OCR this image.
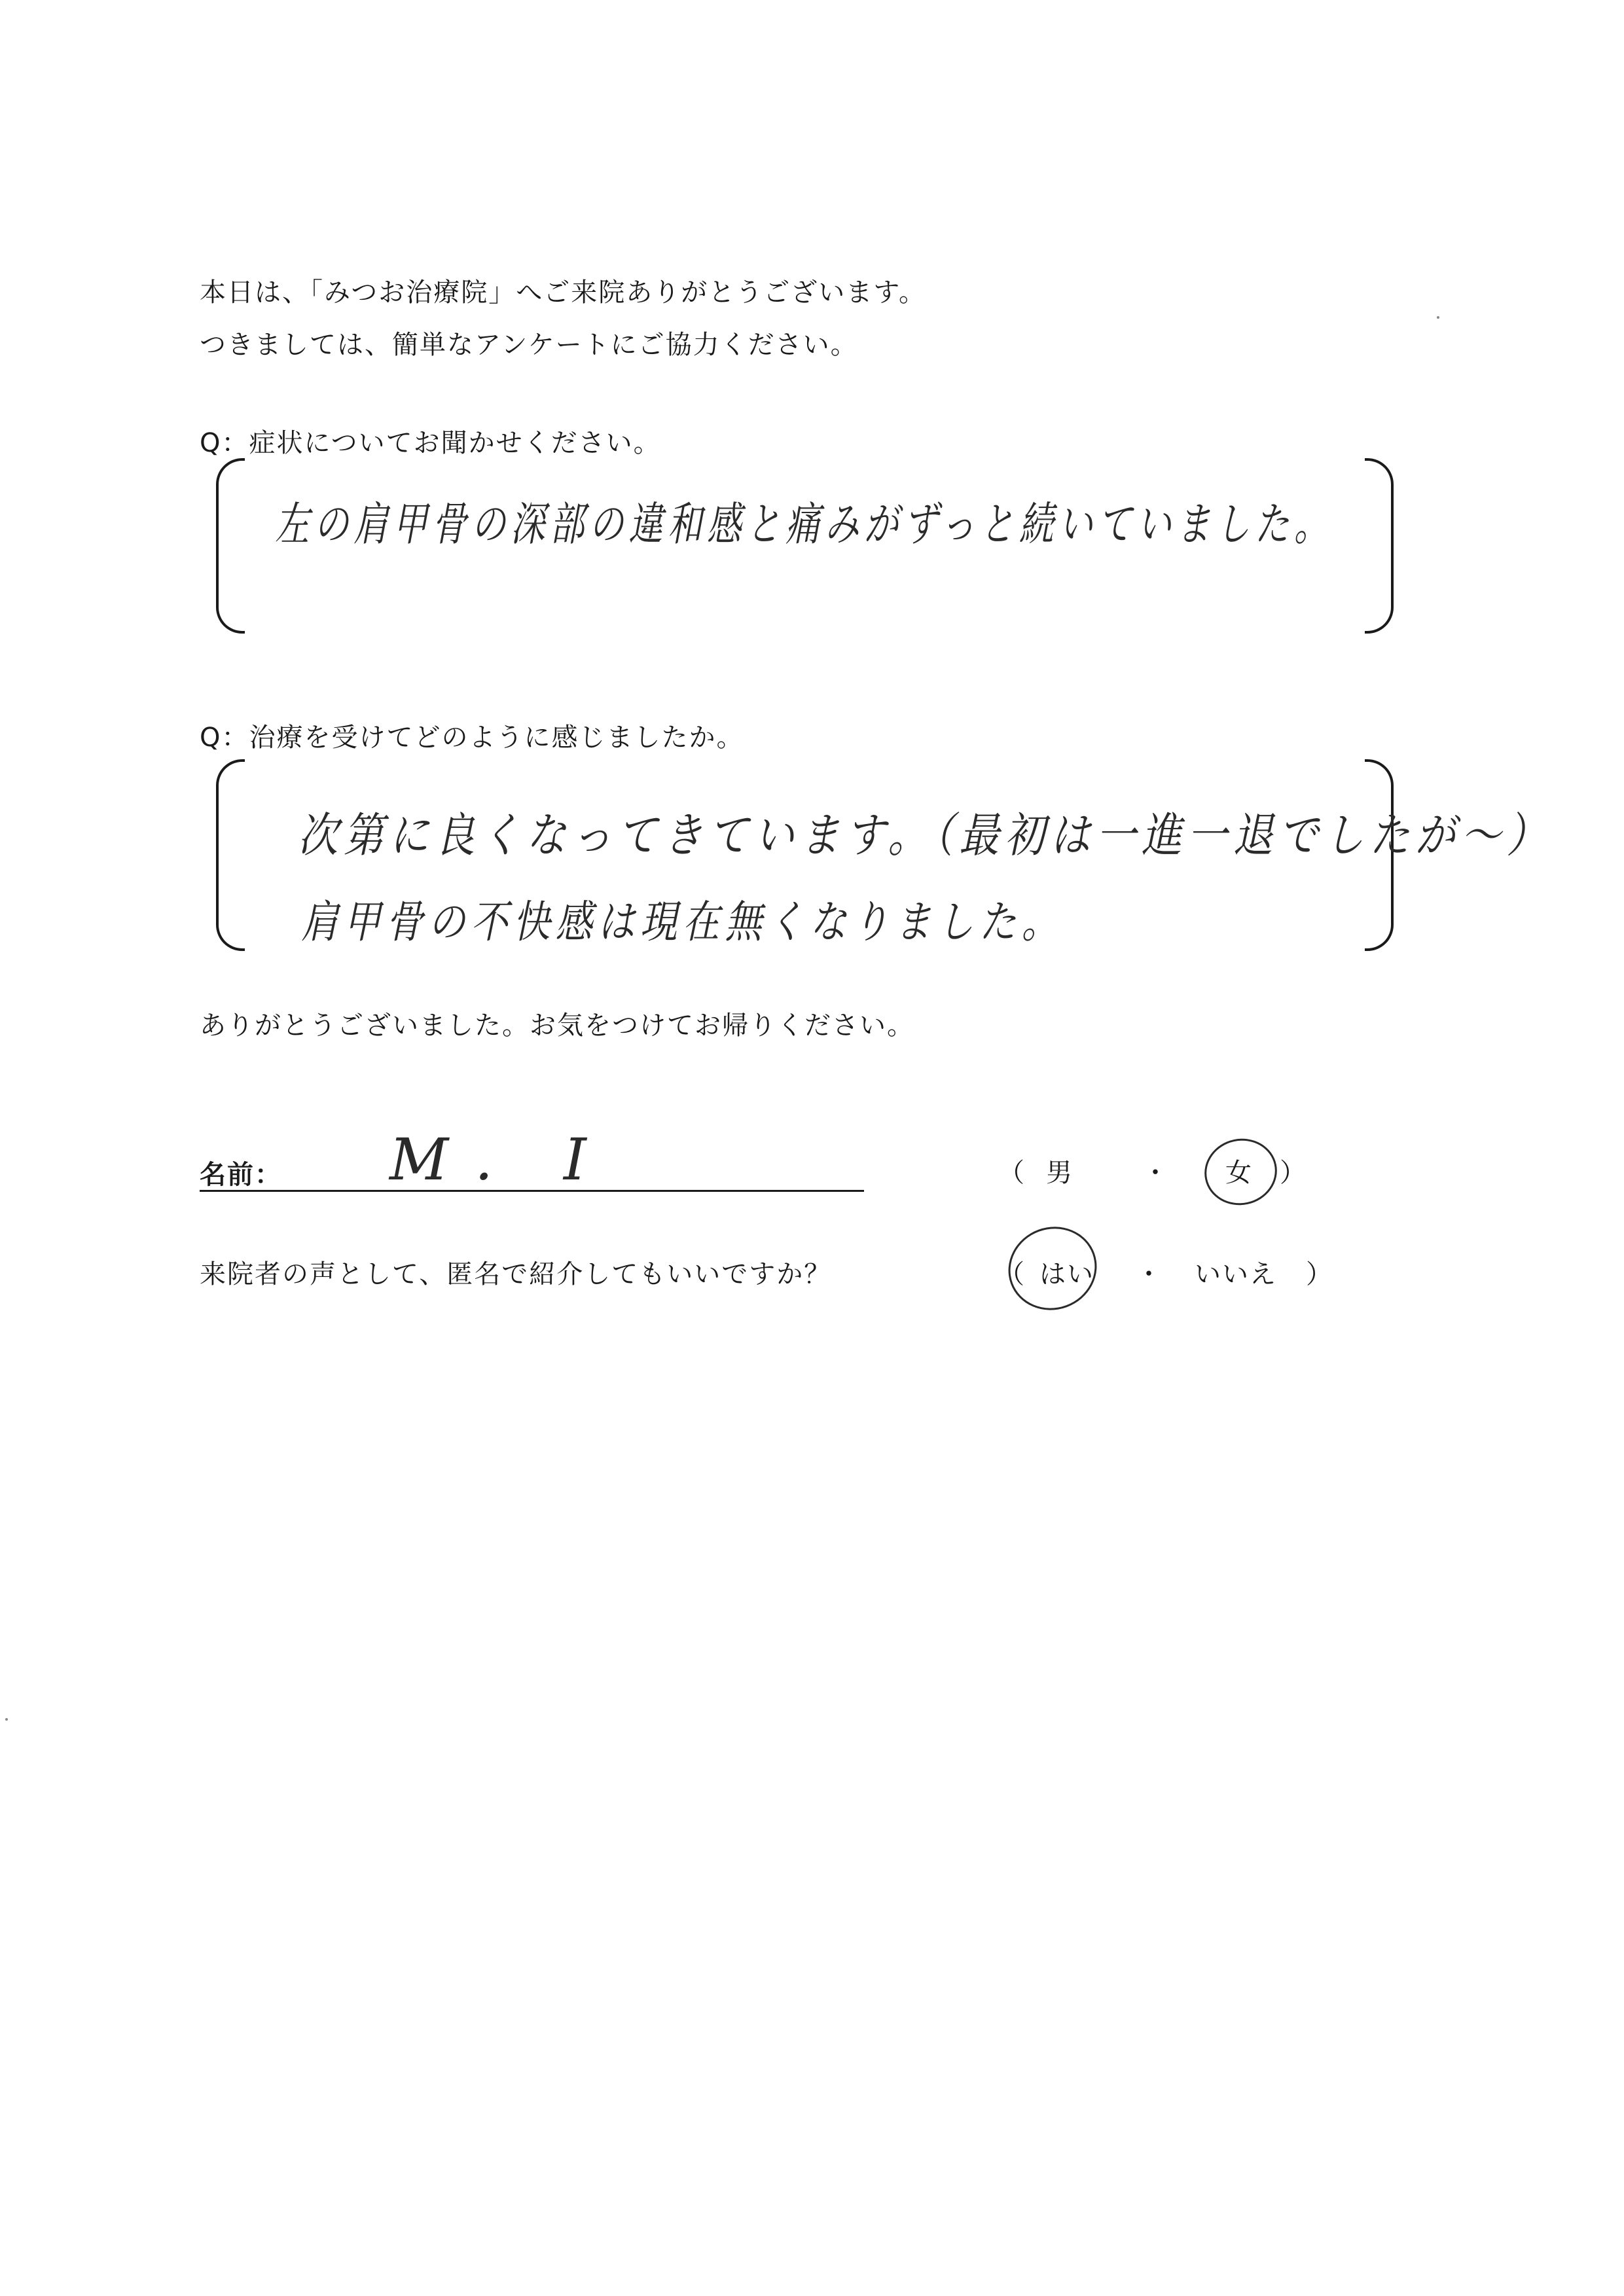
本日は、「みつお治療院」へご来院ありがとうございます。
つきましては、簡単なアンケートにご協力ください。
Q：症状についてお聞かせください。
左の肩甲骨の深部の違和感と痛みがずっと続いていました。
Q：治療を受けてどのように感じましたか。
次第に良くなってきています。（最初は一進一退でしたが〜）
肩甲骨の不快感は現在無くなりました。
ありがとうございました。お気をつけてお帰りください。
名前： M. I	（ 男	・ 女 ）
来院者の声として、匿名で紹介してもいいですか？	（ はい ・ いいえ ）
